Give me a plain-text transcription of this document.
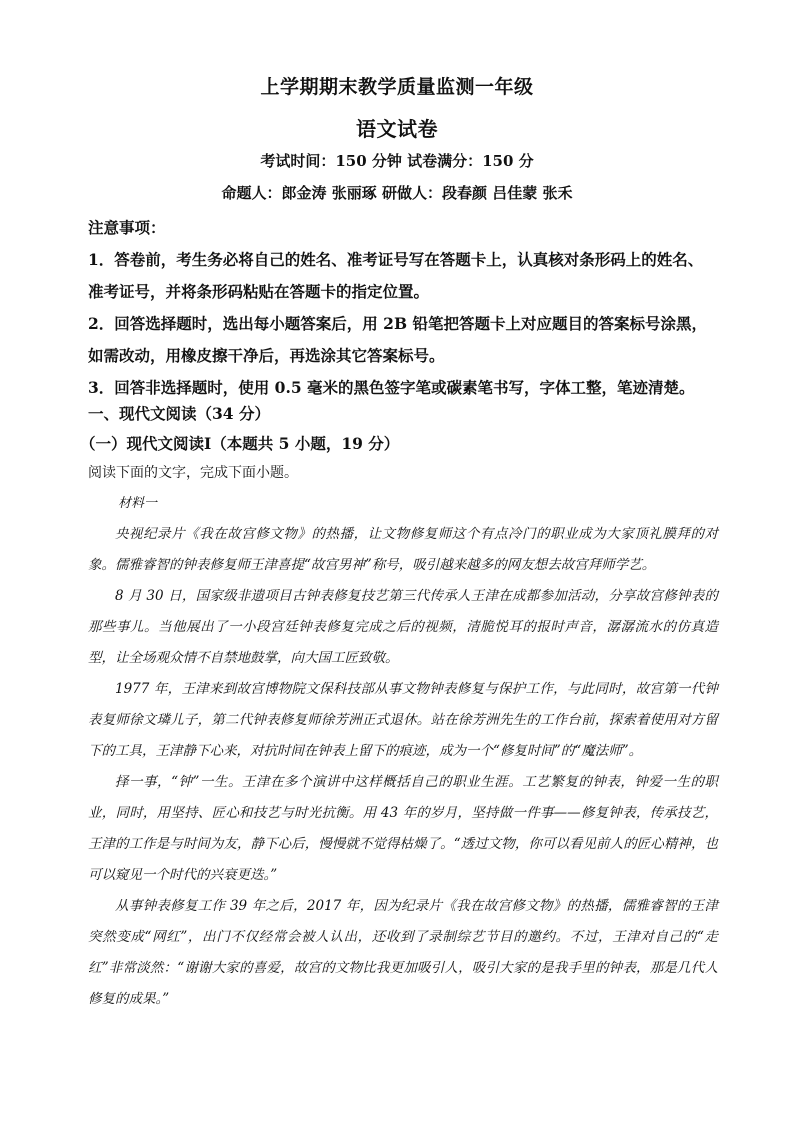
上学期期末教学质量监测一年级
语文试卷
考试时间：150 分钟 试卷满分：150 分
命题人：郎金涛 张丽琢 研做人：段春颜 吕佳蒙 张禾

注意事项：

1．答卷前，考生务必将自己的姓名、准考证号写在答题卡上，认真核对条形码上的姓名、准考证号，并将条形码粘贴在答题卡的指定位置。

2．回答选择题时，选出每小题答案后，用 2B 铅笔把答题卡上对应题目的答案标号涂黑，如需改动，用橡皮擦干净后，再选涂其它答案标号。

3．回答非选择题时，使用 0.5 毫米的黑色签字笔或碳素笔书写，字体工整，笔迹清楚。

一、现代文阅读（34 分）
（一）现代文阅读Ⅰ（本题共 5 小题，19 分）
阅读下面的文字，完成下面小题。
材料一

央视纪录片《我在故宫修文物》的热播，让文物修复师这个有点冷门的职业成为大家顶礼膜拜的对象。儒雅睿智的钟表修复师王津喜提“故宫男神”称号，吸引越来越多的网友想去故宫拜师学艺。

8 月 30 日，国家级非遗项目古钟表修复技艺第三代传承人王津在成都参加活动，分享故宫修钟表的那些事儿。当他展出了一小段宫廷钟表修复完成之后的视频，清脆悦耳的报时声音，潺潺流水的仿真造型，让全场观众情不自禁地鼓掌，向大国工匠致敬。

1977 年，王津来到故宫博物院文保科技部从事文物钟表修复与保护工作，与此同时，故宫第一代钟表复师徐文璘儿子，第二代钟表修复师徐芳洲正式退休。站在徐芳洲先生的工作台前，探索着使用对方留下的工具，王津静下心来，对抗时间在钟表上留下的痕迹，成为一个“修复时间”的“魔法师”。

择一事，“钟”一生。王津在多个演讲中这样概括自己的职业生涯。工艺繁复的钟表，钟爱一生的职业，同时，用坚持、匠心和技艺与时光抗衡。用 43 年的岁月，坚持做一件事——修复钟表，传承技艺，王津的工作是与时间为友，静下心后，慢慢就不觉得枯燥了。“透过文物，你可以看见前人的匠心精神，也可以窥见一个时代的兴衰更迭。”

从事钟表修复工作 39 年之后，2017 年，因为纪录片《我在故宫修文物》的热播，儒雅睿智的王津突然变成“网红”，出门不仅经常会被人认出，还收到了录制综艺节目的邀约。不过，王津对自己的“走红”非常淡然：“谢谢大家的喜爱，故宫的文物比我更加吸引人，吸引大家的是我手里的钟表，那是几代人修复的成果。”
